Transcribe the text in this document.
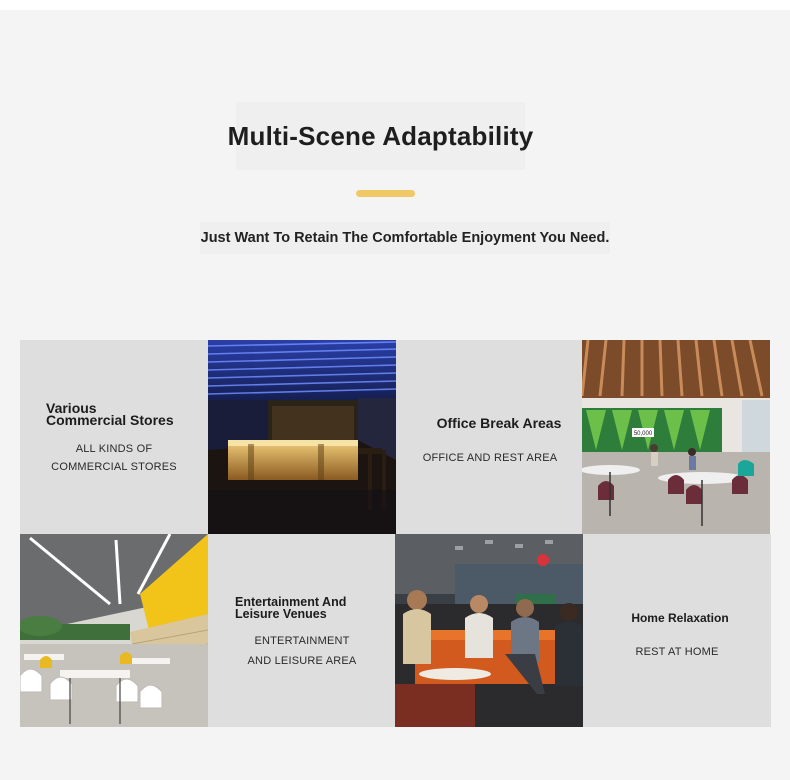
Multi-Scene Adaptability
Just Want To Retain The Comfortable Enjoyment You Need.
Various
Commercial Stores
ALL KINDS OF
COMMERCIAL STORES
Office Break Areas
OFFICE AND REST AREA
50,000
Entertainment And
Leisure Venues
ENTERTAINMENT
AND LEISURE AREA
Home Relaxation
REST AT HOME
